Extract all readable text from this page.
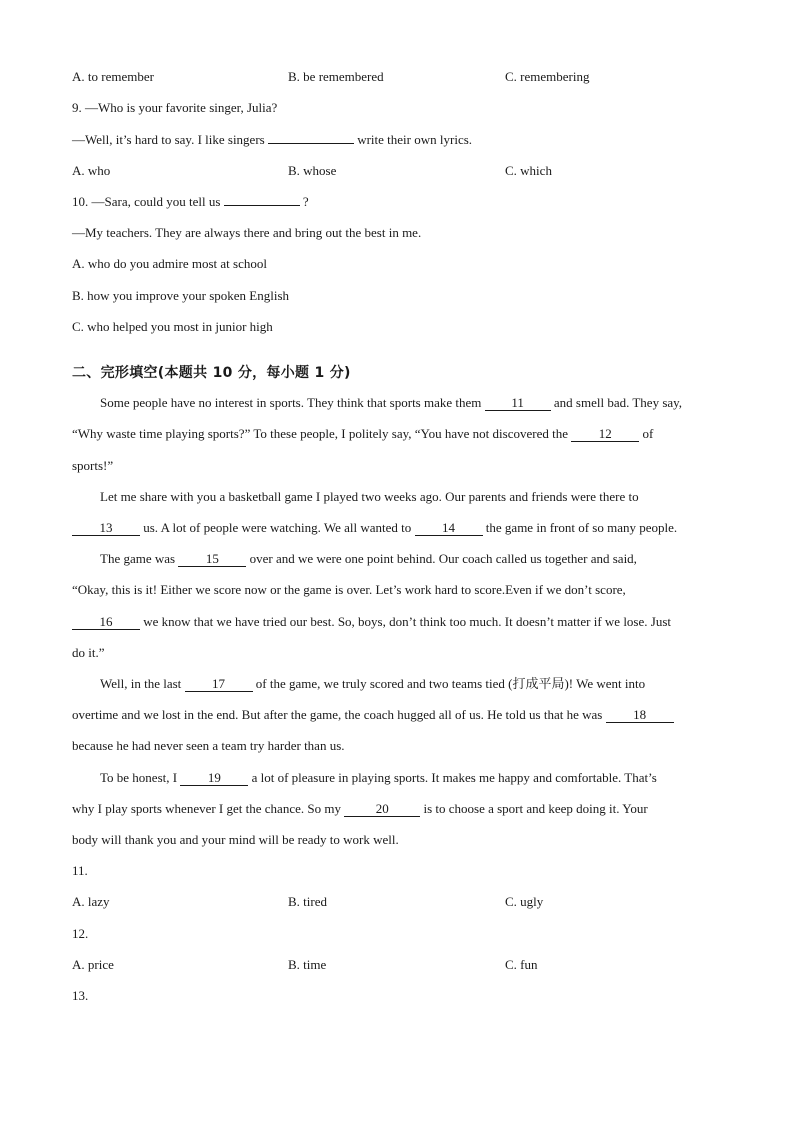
A. to remember	B. be remembered	C. remembering
9. —Who is your favorite singer, Julia?
—Well, it’s hard to say. I like singers	write their own lyrics.
A. who	B. whose	C. which
10. —Sara, could you tell us	?
—My teachers. They are always there and bring out the best in me.
A. who do you admire most at school
B. how you improve your spoken English
C. who helped you most in junior high
二、完形填空(本题共 10 分，每小题 1 分)
Some people have no interest in sports. They think that sports make them 11 and smell bad. They say,
“Why waste time playing sports?” To these people, I politely say, “You have not discovered the 12 of
sports!”
Let me share with you a basketball game I played two weeks ago. Our parents and friends were there to
13 us. A lot of people were watching. We all wanted to 14 the game in front of so many people.
The game was 15 over and we were one point behind. Our coach called us together and said,
“Okay, this is it! Either we score now or the game is over. Let’s work hard to score.Even if we don’t score,
16 we know that we have tried our best. So, boys, don’t think too much. It doesn’t matter if we lose. Just
do it.”
Well, in the last 17 of the game, we truly scored and two teams tied (打成平局)! We went into
overtime and we lost in the end. But after the game, the coach hugged all of us. He told us that he was 18
because he had never seen a team try harder than us.
To be honest, I 19 a lot of pleasure in playing sports. It makes me happy and comfortable. That’s
why I play sports whenever I get the chance. So my	20	is to choose a sport and keep doing it. Your
body will thank you and your mind will be ready to work well.
11.
A. lazy	B. tired	C. ugly
12.
A. price	B. time	C. fun
13.
